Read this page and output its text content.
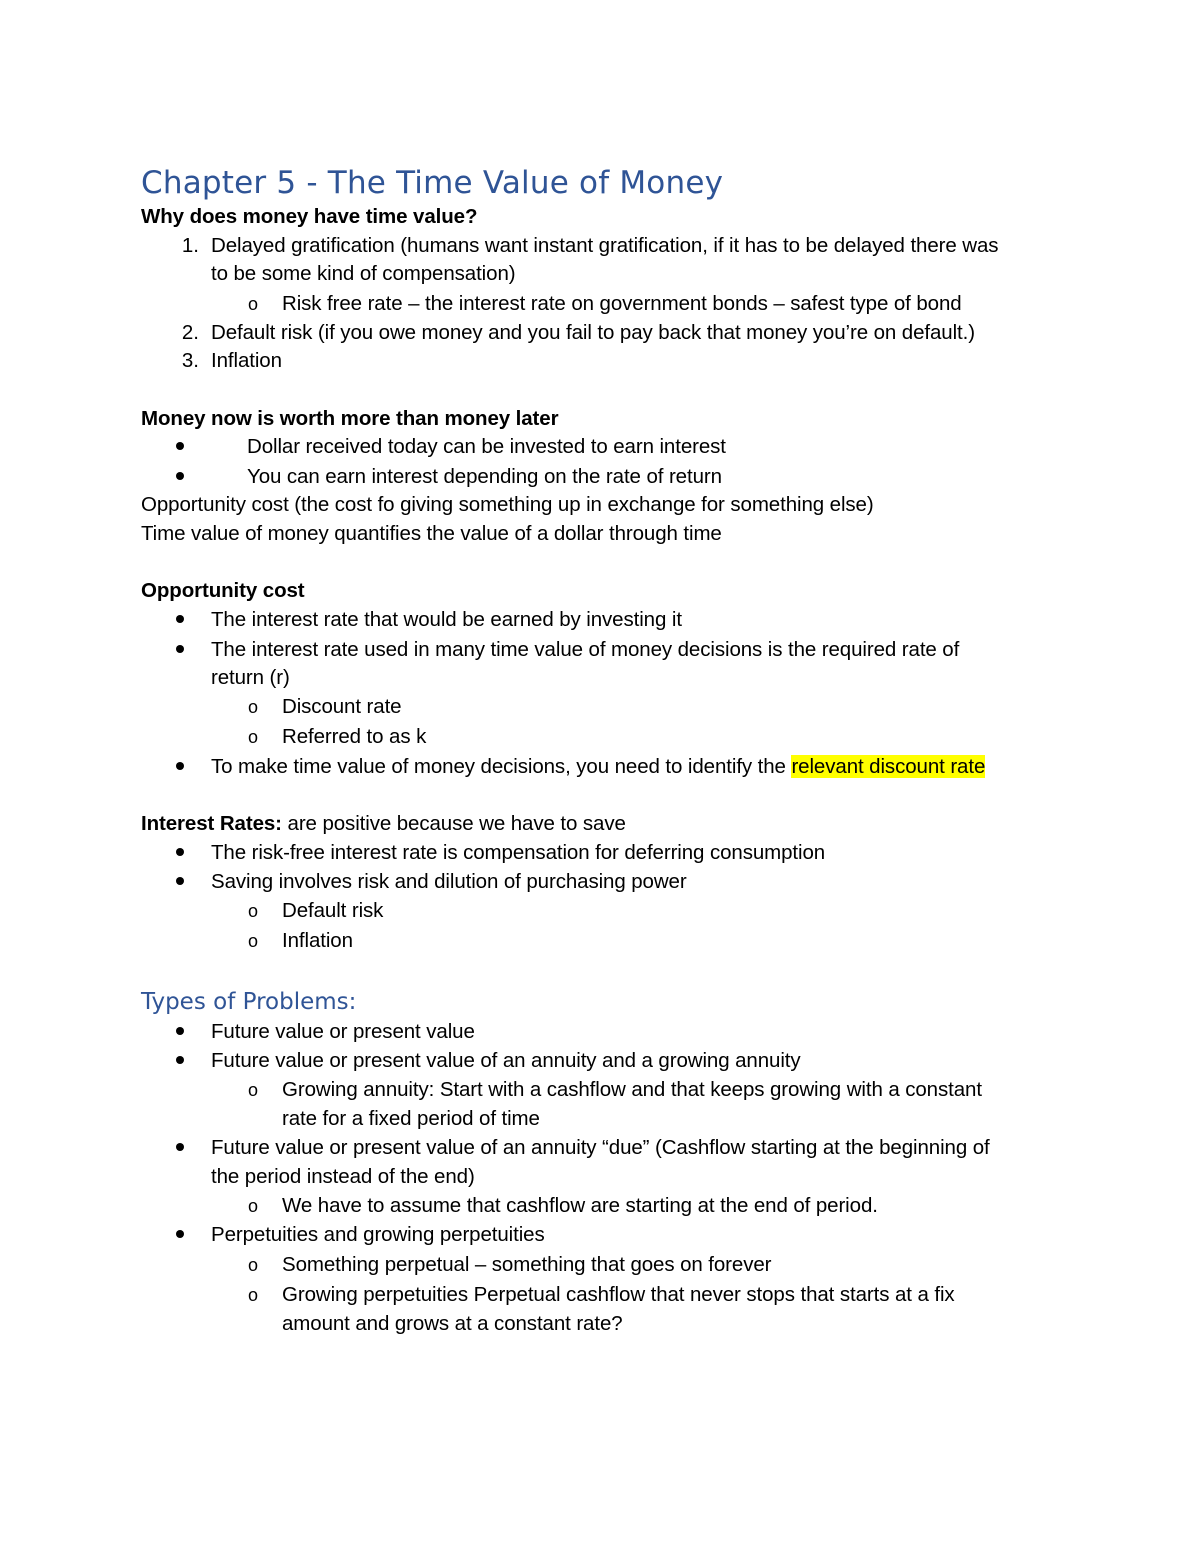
Chapter 5 - The Time Value of Money
Why does money have time value?
1. Delayed gratification (humans want instant gratification, if it has to be delayed there was
to be some kind of compensation)
o Risk free rate – the interest rate on government bonds – safest type of bond
2. Default risk (if you owe money and you fail to pay back that money you’re on default.)
3. Inflation
Money now is worth more than money later
Dollar received today can be invested to earn interest
You can earn interest depending on the rate of return
Opportunity cost (the cost fo giving something up in exchange for something else)
Time value of money quantifies the value of a dollar through time
Opportunity cost
The interest rate that would be earned by investing it
The interest rate used in many time value of money decisions is the required rate of
return (r)
o Discount rate
o Referred to as k
To make time value of money decisions, you need to identify the relevant discount rate
Interest Rates: are positive because we have to save
The risk-free interest rate is compensation for deferring consumption
Saving involves risk and dilution of purchasing power
o Default risk
o Inflation
Types of Problems:
Future value or present value
Future value or present value of an annuity and a growing annuity
o Growing annuity: Start with a cashflow and that keeps growing with a constant
rate for a fixed period of time
Future value or present value of an annuity “due” (Cashflow starting at the beginning of
the period instead of the end)
o We have to assume that cashflow are starting at the end of period.
Perpetuities and growing perpetuities
o Something perpetual – something that goes on forever
o Growing perpetuities Perpetual cashflow that never stops that starts at a fix
amount and grows at a constant rate?
